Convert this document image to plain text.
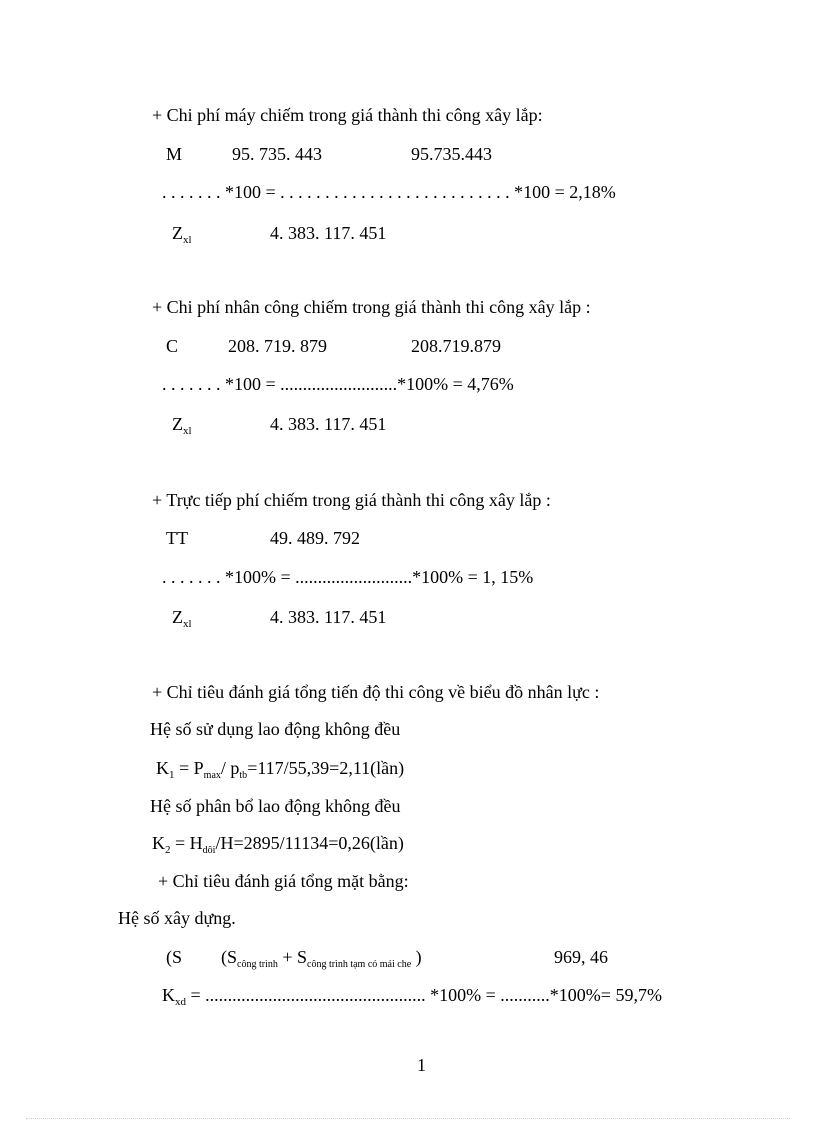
+ Chi phí máy chiếm trong giá thành thi công xây lắp:
M	95. 735. 443	95.735.443
. . . . . . . *100 = . . . . . . . . . . . . . . . . . . . . . . . . . . *100 = 2,18%
$Z_{xl}$	4. 383. 117. 451
+ Chi phí nhân công chiếm trong giá thành thi công xây lắp :
C	208. 719. 879	208.719.879
. . . . . . . *100 = ..........................*100% = 4,76%
$Z_{xl}$	4. 383. 117. 451
+ Trực tiếp phí chiếm trong giá thành thi công xây lắp :
TT	49. 489. 792
. . . . . . . *100% = ..........................*100% = 1, 15%
$Z_{xl}$	4. 383. 117. 451
+ Chỉ tiêu đánh giá tổng tiến độ thi công về biểu đồ nhân lực :
Hệ số sử dụng lao động không đều
$K_1 = P_{max}/$ $p_{tb}=117/55,39=2,11(lần)$
Hệ số phân bổ lao động không đều
$K_2$ = $H_{dôi}/H=2895/11134=0,26(lần)$
+ Chỉ tiêu đánh giá tổng mặt bằng:
Hệ số xây dựng.
(S ($S_{công trình} + S_{công trình tạm có mái che}$ )	969, 46
$K_{xd}$ = ................................................. *100% = ...........*100%= 59,7%
1
